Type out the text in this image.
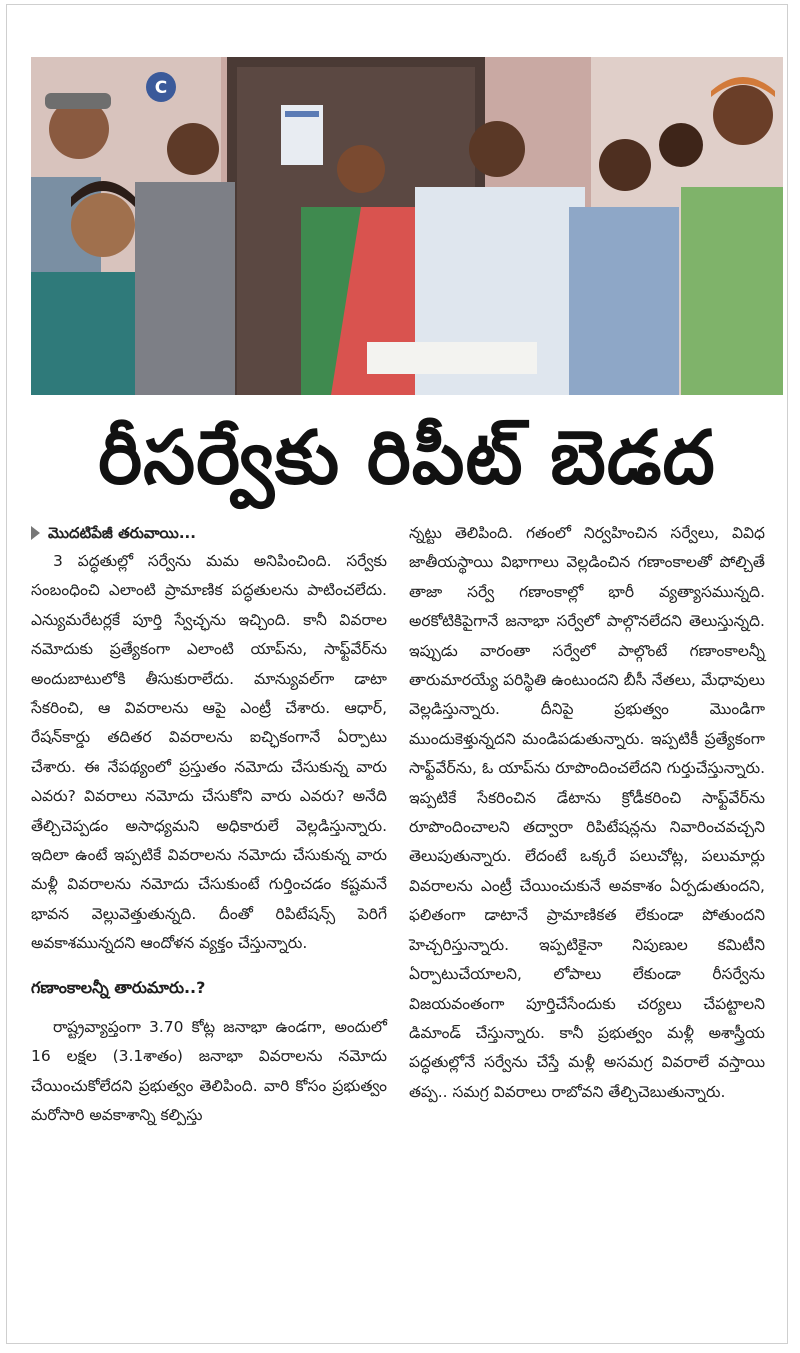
C
రీసర్వేకు రిపీట్ బెడద
మొదటిపేజీ తరువాయి...

3 పద్ధతుల్లో సర్వేను మమ అనిపించింది. సర్వేకు సంబంధించి ఎలాంటి ప్రామాణిక పద్ధతులను పాటించలేదు. ఎన్యుమరేటర్లకే పూర్తి స్వేచ్ఛను ఇచ్చింది. కానీ వివరాల నమోదుకు ప్రత్యేకంగా ఎలాంటి యాప్‌ను, సాఫ్ట్‌వేర్‌ను అందుబాటులోకి తీసుకురాలేదు. మాన్యువల్‌గా డాటా సేకరించి, ఆ వివరాలను ఆపై ఎంట్రీ చేశారు. ఆధార్, రేషన్‌కార్డు తదితర వివరాలను ఐచ్ఛికంగానే ఏర్పాటు చేశారు. ఈ నేపథ్యంలో ప్రస్తుతం నమోదు చేసుకున్న వారు ఎవరు? వివరాలు నమోదు చేసుకోని వారు ఎవరు? అనేది తేల్చిచెప్పడం అసాధ్యమని అధికారులే వెల్లడిస్తున్నారు. ఇదిలా ఉంటే ఇప్పటికే వివరాలను నమోదు చేసుకున్న వారు మళ్లీ వివరాలను నమోదు చేసుకుంటే గుర్తించడం కష్టమనే భావన వెల్లువెత్తుతున్నది. దీంతో రిపిటేషన్స్ పెరిగే అవకాశమున్నదని ఆందోళన వ్యక్తం చేస్తున్నారు.

గణాంకాలన్నీ తారుమారు..?

రాష్ట్రవ్యాప్తంగా 3.70 కోట్ల జనాభా ఉండగా, అందులో 16 లక్షల (3.1శాతం) జనాభా వివరాలను నమోదు చేయించుకోలేదని ప్రభుత్వం తెలిపింది. వారి కోసం ప్రభుత్వం మరోసారి అవకాశాన్ని కల్పిస్తు

న్నట్టు తెలిపింది. గతంలో నిర్వహించిన సర్వేలు, వివిధ జాతీయస్థాయి విభాగాలు వెల్లడించిన గణాంకాలతో పోల్చితే తాజా సర్వే గణాంకాల్లో భారీ వ్యత్యాసమున్నది. అరకోటికిపైగానే జనాభా సర్వేలో పాల్గొనలేదని తెలుస్తున్నది. ఇప్పుడు వారంతా సర్వేలో పాల్గొంటే గణాంకాలన్నీ తారుమారయ్యే పరిస్థితి ఉంటుందని బీసీ నేతలు, మేధావులు వెల్లడిస్తున్నారు. దీనిపై ప్రభుత్వం మొండిగా ముందుకెళ్తున్నదని మండిపడుతున్నారు. ఇప్పటికీ ప్రత్యేకంగా సాఫ్ట్‌వేర్‌ను, ఓ యాప్‌ను రూపొందించలేదని గుర్తుచేస్తున్నారు. ఇప్పటికే సేకరించిన డేటాను క్రోడీకరించి సాఫ్ట్‌వేర్‌ను రూపొందించాలని తద్వారా రిపిటేషన్లను నివారించవచ్చని తెలుపుతున్నారు. లేదంటే ఒక్కరే పలుచోట్ల, పలుమార్లు వివరాలను ఎంట్రీ చేయించుకునే అవకాశం ఏర్పడుతుందని, ఫలితంగా డాటానే ప్రామాణికత లేకుండా పోతుందని హెచ్చరిస్తున్నారు. ఇప్పటికైనా నిపుణుల కమిటీని ఏర్పాటుచేయాలని, లోపాలు లేకుండా రీసర్వేను విజయవంతంగా పూర్తిచేసేందుకు చర్యలు చేపట్టాలని డిమాండ్ చేస్తున్నారు. కానీ ప్రభుత్వం మళ్లీ అశాస్త్రీయ పద్ధతుల్లోనే సర్వేను చేస్తే మళ్లీ అసమగ్ర వివరాలే వస్తాయి తప్ప.. సమగ్ర వివరాలు రాబోవని తేల్చిచెబుతున్నారు.
